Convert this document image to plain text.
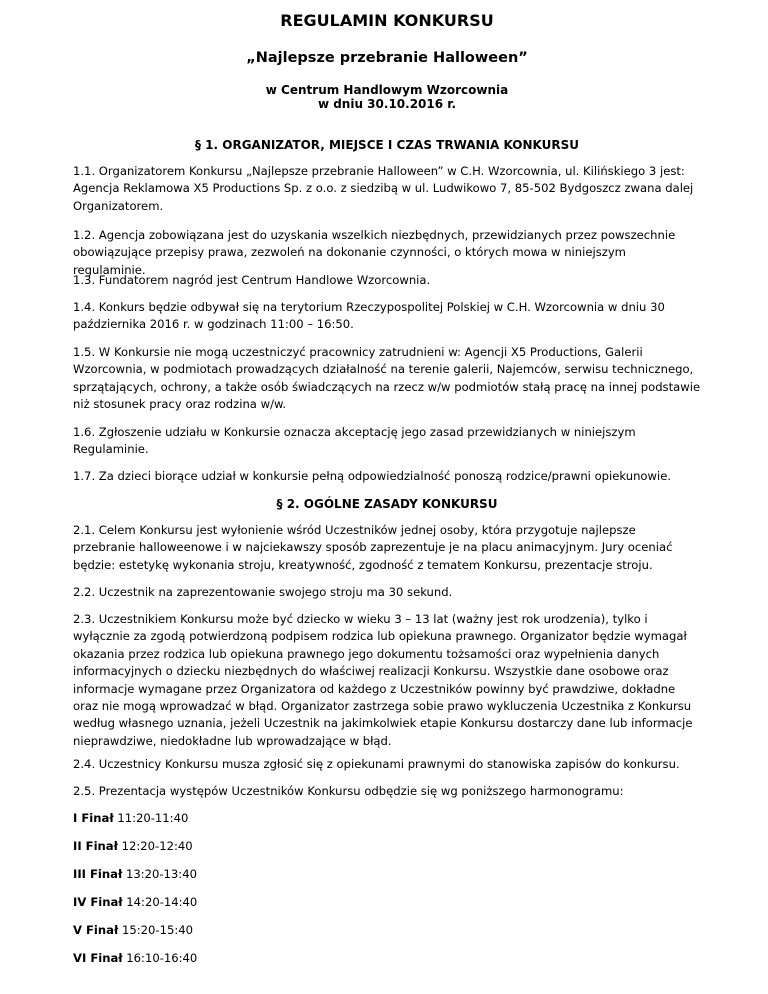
REGULAMIN KONKURSU
„Najlepsze przebranie Halloween”
w Centrum Handlowym Wzorcownia
w dniu 30.10.2016 r.
§ 1. ORGANIZATOR, MIEJSCE I CZAS TRWANIA KONKURSU

1.1. Organizatorem Konkursu „Najlepsze przebranie Halloween” w C.H. Wzorcownia, ul. Kilińskiego 3 jest: Agencja Reklamowa X5 Productions Sp. z o.o. z siedzibą w ul. Ludwikowo 7, 85-502 Bydgoszcz zwana dalej Organizatorem.

1.2. Agencja zobowiązana jest do uzyskania wszelkich niezbędnych, przewidzianych przez powszechnie obowiązujące przepisy prawa, zezwoleń na dokonanie czynności, o których mowa w niniejszym regulaminie.

1.3. Fundatorem nagród jest Centrum Handlowe Wzorcownia.

1.4. Konkurs będzie odbywał się na terytorium Rzeczypospolitej Polskiej w C.H. Wzorcownia w dniu 30 października 2016 r. w godzinach 11:00 – 16:50.

1.5. W Konkursie nie mogą uczestniczyć pracownicy zatrudnieni w: Agencji X5 Productions, Galerii Wzorcownia, w podmiotach prowadzących działalność na terenie galerii, Najemców, serwisu technicznego, sprzątających, ochrony, a także osób świadczących na rzecz w/w podmiotów stałą pracę na innej podstawie niż stosunek pracy oraz rodzina w/w.

1.6. Zgłoszenie udziału w Konkursie oznacza akceptację jego zasad przewidzianych w niniejszym Regulaminie.

1.7. Za dzieci biorące udział w konkursie pełną odpowiedzialność ponoszą rodzice/prawni opiekunowie.

§ 2. OGÓLNE ZASADY KONKURSU

2.1. Celem Konkursu jest wyłonienie wśród Uczestników jednej osoby, która przygotuje najlepsze przebranie halloweenowe i w najciekawszy sposób zaprezentuje je na placu animacyjnym. Jury oceniać będzie: estetykę wykonania stroju, kreatywność, zgodność z tematem Konkursu, prezentacje stroju.

2.2. Uczestnik na zaprezentowanie swojego stroju ma 30 sekund.

2.3. Uczestnikiem Konkursu może być dziecko w wieku 3 – 13 lat (ważny jest rok urodzenia), tylko i wyłącznie za zgodą potwierdzoną podpisem rodzica lub opiekuna prawnego. Organizator będzie wymagał okazania przez rodzica lub opiekuna prawnego jego dokumentu tożsamości oraz wypełnienia danych informacyjnych o dziecku niezbędnych do właściwej realizacji Konkursu. Wszystkie dane osobowe oraz informacje wymagane przez Organizatora od każdego z Uczestników powinny być prawdziwe, dokładne oraz nie mogą wprowadzać w błąd. Organizator zastrzega sobie prawo wykluczenia Uczestnika z Konkursu według własnego uznania, jeżeli Uczestnik na jakimkolwiek etapie Konkursu dostarczy dane lub informacje nieprawdziwe, niedokładne lub wprowadzające w błąd.

2.4. Uczestnicy Konkursu musza zgłosić się z opiekunami prawnymi do stanowiska zapisów do konkursu.

2.5. Prezentacja występów Uczestników Konkursu odbędzie się wg poniższego harmonogramu:

I Finał 11:20-11:40
II Finał 12:20-12:40
III Finał 13:20-13:40
IV Finał 14:20-14:40
V Finał 15:20-15:40
VI Finał 16:10-16:40
